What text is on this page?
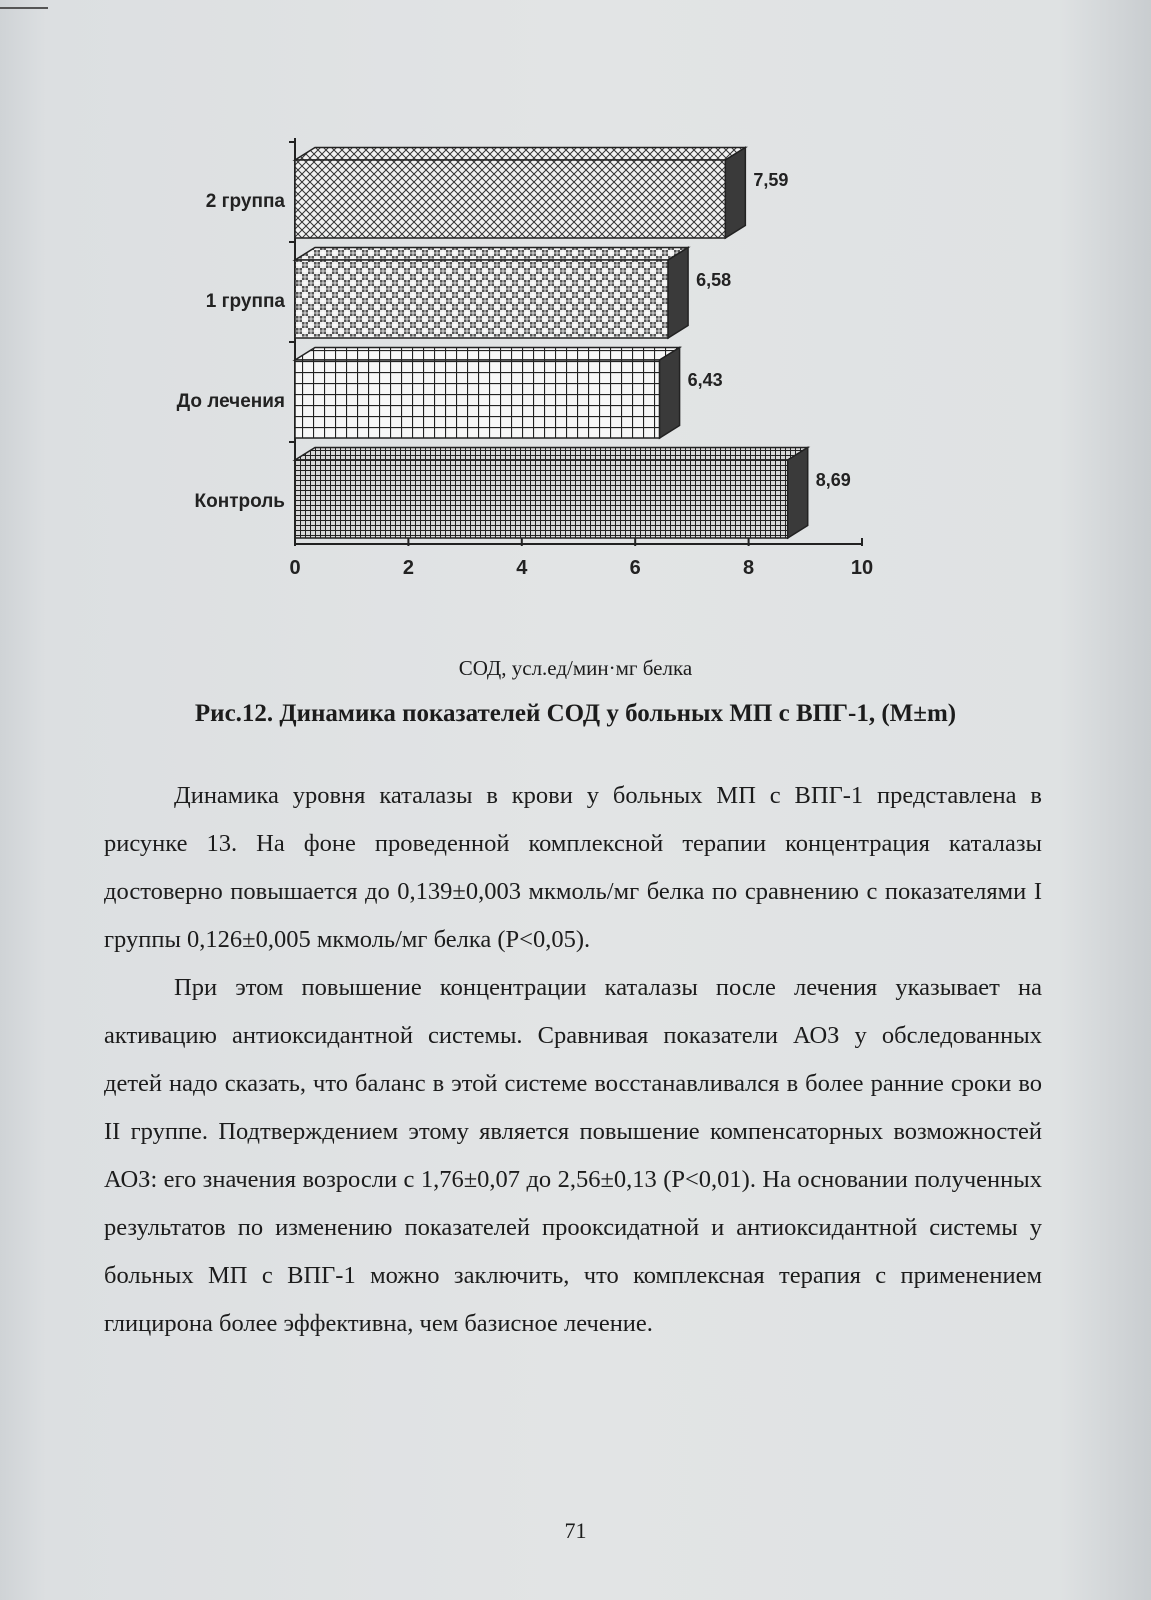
0	2	4	6	8	10
2 группа
7,59
1 группа
6,58
До лечения
6,43
Контроль
8,69
СОД, усл.ед/мин·мг белка
Рис.12. Динамика показателей СОД у больных МП с ВПГ-1, (M±m)

Динамика уровня каталазы в крови у больных МП с ВПГ-1 представлена в рисунке 13. На фоне проведенной комплексной терапии концентрация каталазы достоверно повышается до 0,139±0,003 мкмоль/мг белка по сравнению с показателями I группы 0,126±0,005 мкмоль/мг белка (P<0,05).

При этом повышение концентрации каталазы после лечения указывает на активацию антиоксидантной системы. Сравнивая показатели АОЗ у обследованных детей надо сказать, что баланс в этой системе восстанавливался в более ранние сроки во II группе. Подтверждением этому является повышение компенсаторных возможностей АОЗ: его значения возросли с 1,76±0,07 до 2,56±0,13 (P<0,01). На основании полученных результатов по изменению показателей прооксидатной и антиоксидантной системы у больных МП с ВПГ-1 можно заключить, что комплексная терапия с применением глицирона более эффективна, чем базисное лечение.

71
